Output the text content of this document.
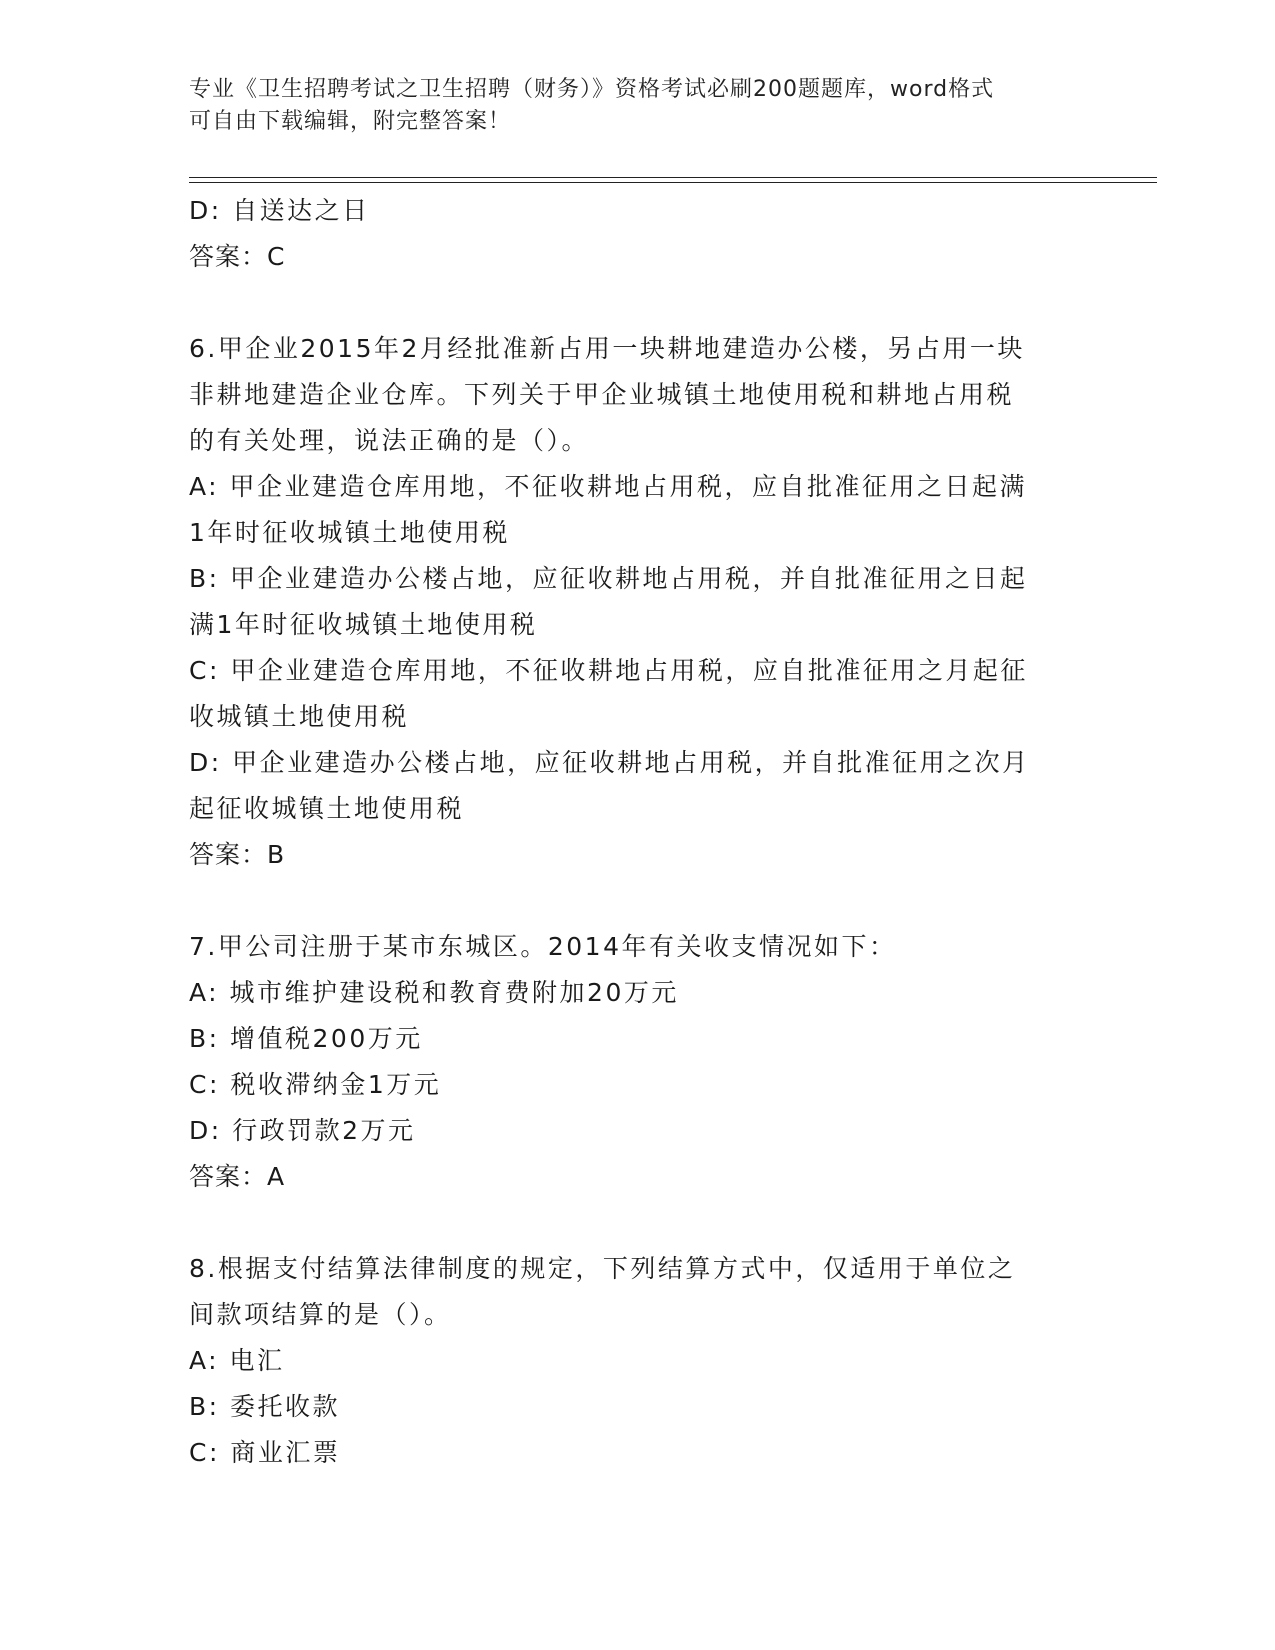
专业《卫生招聘考试之卫生招聘（财务）》资格考试必刷200题题库，word格式
可自由下载编辑，附完整答案！
D: 自送达之日
答案：C
6.甲企业2015年2月经批准新占用一块耕地建造办公楼，另占用一块
非耕地建造企业仓库。下列关于甲企业城镇土地使用税和耕地占用税
的有关处理，说法正确的是（）。
A: 甲企业建造仓库用地，不征收耕地占用税，应自批准征用之日起满
1年时征收城镇土地使用税
B: 甲企业建造办公楼占地，应征收耕地占用税，并自批准征用之日起
满1年时征收城镇土地使用税
C: 甲企业建造仓库用地，不征收耕地占用税，应自批准征用之月起征
收城镇土地使用税
D: 甲企业建造办公楼占地，应征收耕地占用税，并自批准征用之次月
起征收城镇土地使用税
答案：B
7.甲公司注册于某市东城区。2014年有关收支情况如下：
A: 城市维护建设税和教育费附加20万元
B: 增值税200万元
C: 税收滞纳金1万元
D: 行政罚款2万元
答案：A
8.根据支付结算法律制度的规定，下列结算方式中，仅适用于单位之
间款项结算的是（）。
A: 电汇
B: 委托收款
C: 商业汇票
